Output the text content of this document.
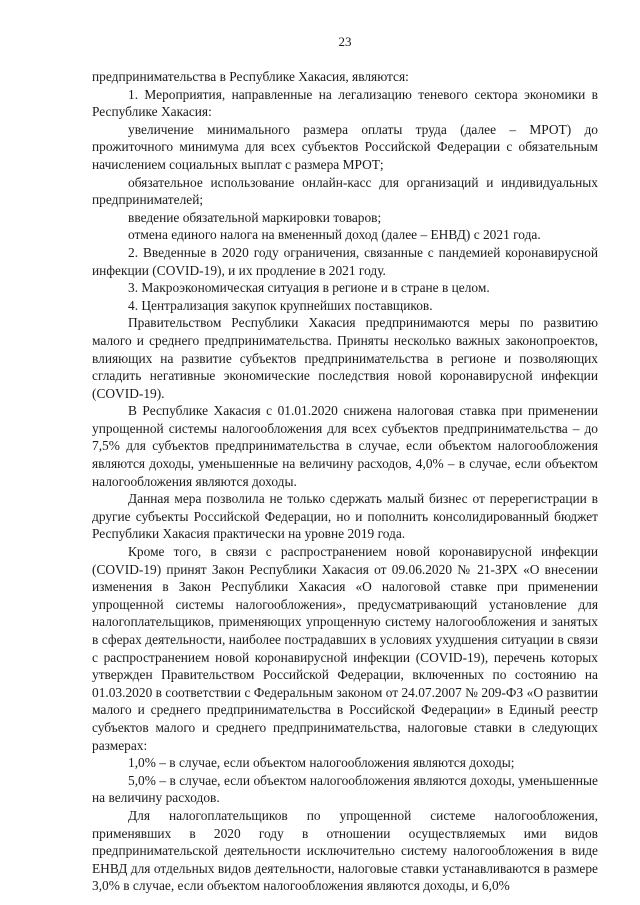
23

предпринимательства в Республике Хакасия, являются:

1. Мероприятия, направленные на легализацию теневого сектора экономики в Республике Хакасия:

увеличение минимального размера оплаты труда (далее – МРОТ) до прожиточного минимума для всех субъектов Российской Федерации с обязательным начислением социальных выплат с размера МРОТ;

обязательное использование онлайн-касс для организаций и индивидуальных предпринимателей;

введение обязательной маркировки товаров;

отмена единого налога на вмененный доход (далее – ЕНВД) с 2021 года.

2. Введенные в 2020 году ограничения, связанные с пандемией коронавирусной инфекции (COVID-19), и их продление в 2021 году.

3. Макроэкономическая ситуация в регионе и в стране в целом.

4. Централизация закупок крупнейших поставщиков.

Правительством Республики Хакасия предпринимаются меры по развитию малого и среднего предпринимательства. Приняты несколько важных законопроектов, влияющих на развитие субъектов предпринимательства в регионе и позволяющих сгладить негативные экономические последствия новой коронавирусной инфекции (COVID-19).

В Республике Хакасия с 01.01.2020 снижена налоговая ставка при применении упрощенной системы налогообложения для всех субъектов предпринимательства – до 7,5% для субъектов предпринимательства в случае, если объектом налогообложения являются доходы, уменьшенные на величину расходов, 4,0% – в случае, если объектом налогообложения являются доходы.

Данная мера позволила не только сдержать малый бизнес от перерегистрации в другие субъекты Российской Федерации, но и пополнить консолидированный бюджет Республики Хакасия практически на уровне 2019 года.

Кроме того, в связи с распространением новой коронавирусной инфекции (COVID-19) принят Закон Республики Хакасия от 09.06.2020 № 21-ЗРХ «О внесении изменения в Закон Республики Хакасия «О налоговой ставке при применении упрощенной системы налогообложения», предусматривающий установление для налогоплательщиков, применяющих упрощенную систему налогообложения и занятых в сферах деятельности, наиболее пострадавших в условиях ухудшения ситуации в связи с распространением новой коронавирусной инфекции (COVID-19), перечень которых утвержден Правительством Российской Федерации, включенных по состоянию на 01.03.2020 в соответствии с Федеральным законом от 24.07.2007 № 209-ФЗ «О развитии малого и среднего предпринимательства в Российской Федерации» в Единый реестр субъектов малого и среднего предпринимательства, налоговые ставки в следующих размерах:

1,0% – в случае, если объектом налогообложения являются доходы;

5,0% – в случае, если объектом налогообложения являются доходы, уменьшенные на величину расходов.

Для налогоплательщиков по упрощенной системе налогообложения, применявших в 2020 году в отношении осуществляемых ими видов предпринимательской деятельности исключительно систему налогообложения в виде ЕНВД для отдельных видов деятельности, налоговые ставки устанавливаются в размере 3,0% в случае, если объектом налогообложения являются доходы, и 6,0%
